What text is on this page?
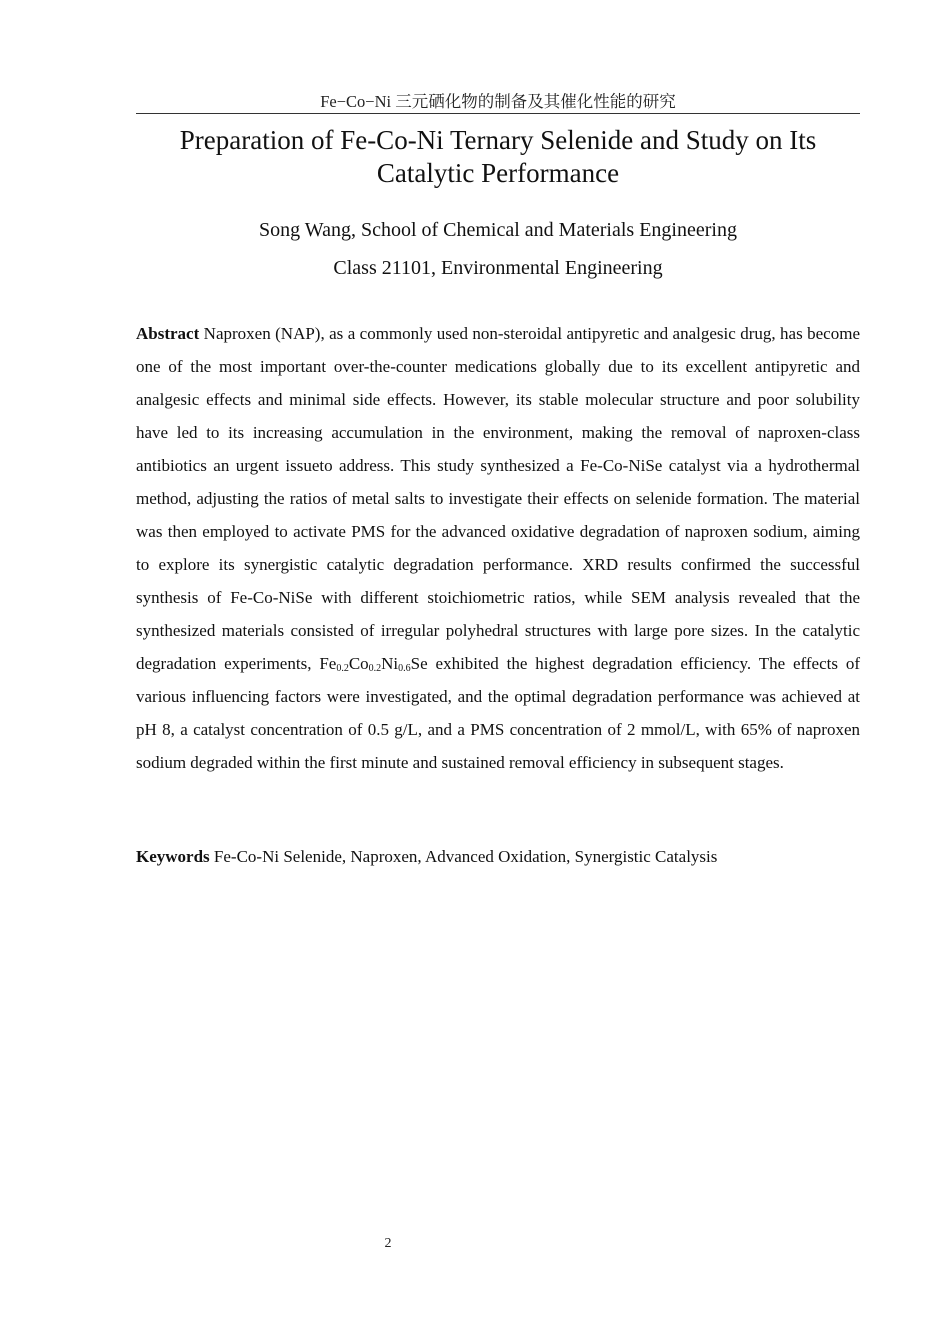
Fe−Co−Ni 三元硒化物的制备及其催化性能的研究
Preparation of Fe-Co-Ni Ternary Selenide and Study on Its Catalytic Performance
Song Wang, School of Chemical and Materials Engineering
Class 21101, Environmental Engineering

Abstract Naproxen (NAP), as a commonly used non-steroidal antipyretic and analgesic drug, has become one of the most important over-the-counter medications globally due to its excellent antipyretic and analgesic effects and minimal side effects. However, its stable molecular structure and poor solubility have led to its increasing accumulation in the environment, making the removal of naproxen-class antibiotics an urgent issueto address. This study synthesized a Fe-Co-NiSe catalyst via a hydrothermal method, adjusting the ratios of metal salts to investigate their effects on selenide formation. The material was then employed to activate PMS for the advanced oxidative degradation of naproxen sodium, aiming to explore its synergistic catalytic degradation performance. XRD results confirmed the successful synthesis of Fe-Co-NiSe with different stoichiometric ratios, while SEM analysis revealed that the synthesized materials consisted of irregular polyhedral structures with large pore sizes. In the catalytic degradation experiments, $Fe_{0.2}Co_{0.2}Ni_{0.6}Se$ exhibited the highest degradation efficiency. The effects of various influencing factors were investigated, and the optimal degradation performance was achieved at pH 8, a catalyst concentration of 0.5 g/L, and a PMS concentration of 2 mmol/L, with 65% of naproxen sodium degraded within the first minute and sustained removal efficiency in subsequent stages.

Keywords Fe-Co-Ni Selenide, Naproxen, Advanced Oxidation, Synergistic Catalysis

2
